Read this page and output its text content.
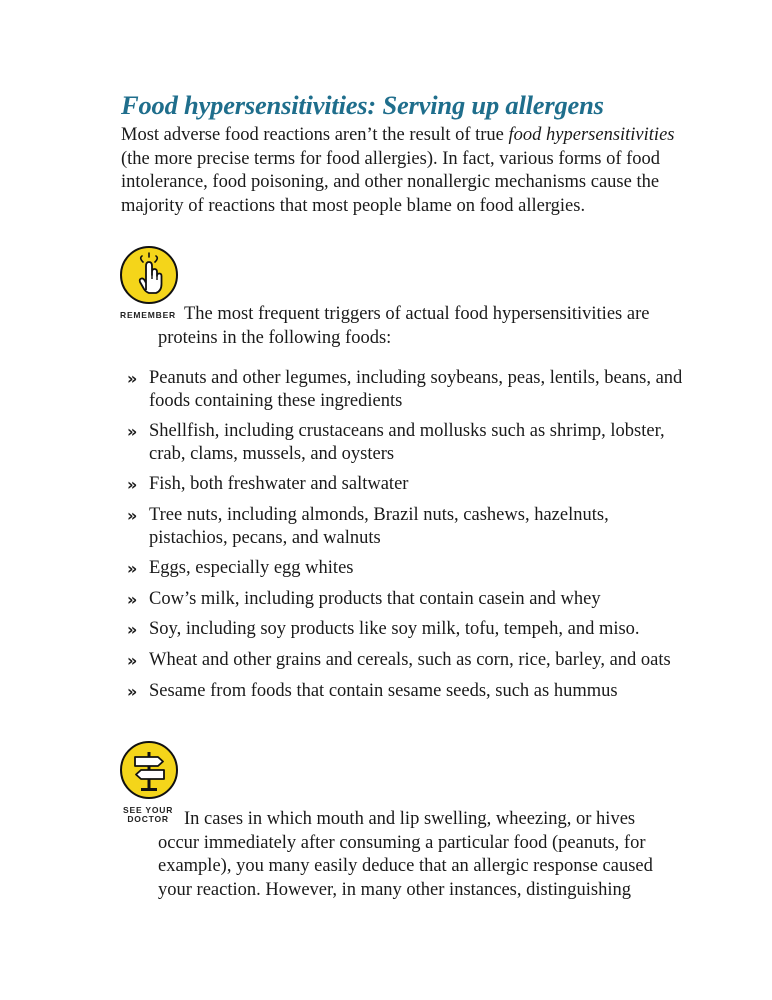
Food hypersensitivities: Serving up allergens

Most adverse food reactions aren’t the result of true food hypersensitivities (the more precise terms for food allergies). In fact, various forms of food intolerance, food poisoning, and other nonallergic mechanisms cause the majority of reactions that most people blame on food allergies.

REMEMBER The most frequent triggers of actual food hypersensitivities are proteins in the following foods:

» Peanuts and other legumes, including soybeans, peas, lentils, beans, and foods containing these ingredients
» Shellfish, including crustaceans and mollusks such as shrimp, lobster, crab, clams, mussels, and oysters
» Fish, both freshwater and saltwater
» Tree nuts, including almonds, Brazil nuts, cashews, hazelnuts, pistachios, pecans, and walnuts
» Eggs, especially egg whites
» Cow’s milk, including products that contain casein and whey
» Soy, including soy products like soy milk, tofu, tempeh, and miso.
» Wheat and other grains and cereals, such as corn, rice, barley, and oats
» Sesame from foods that contain sesame seeds, such as hummus
SEE YOUR
DOCTOR In cases in which mouth and lip swelling, wheezing, or hives occur immediately after consuming a particular food (peanuts, for example), you many easily deduce that an allergic response caused your reaction. However, in many other instances, distinguishing
